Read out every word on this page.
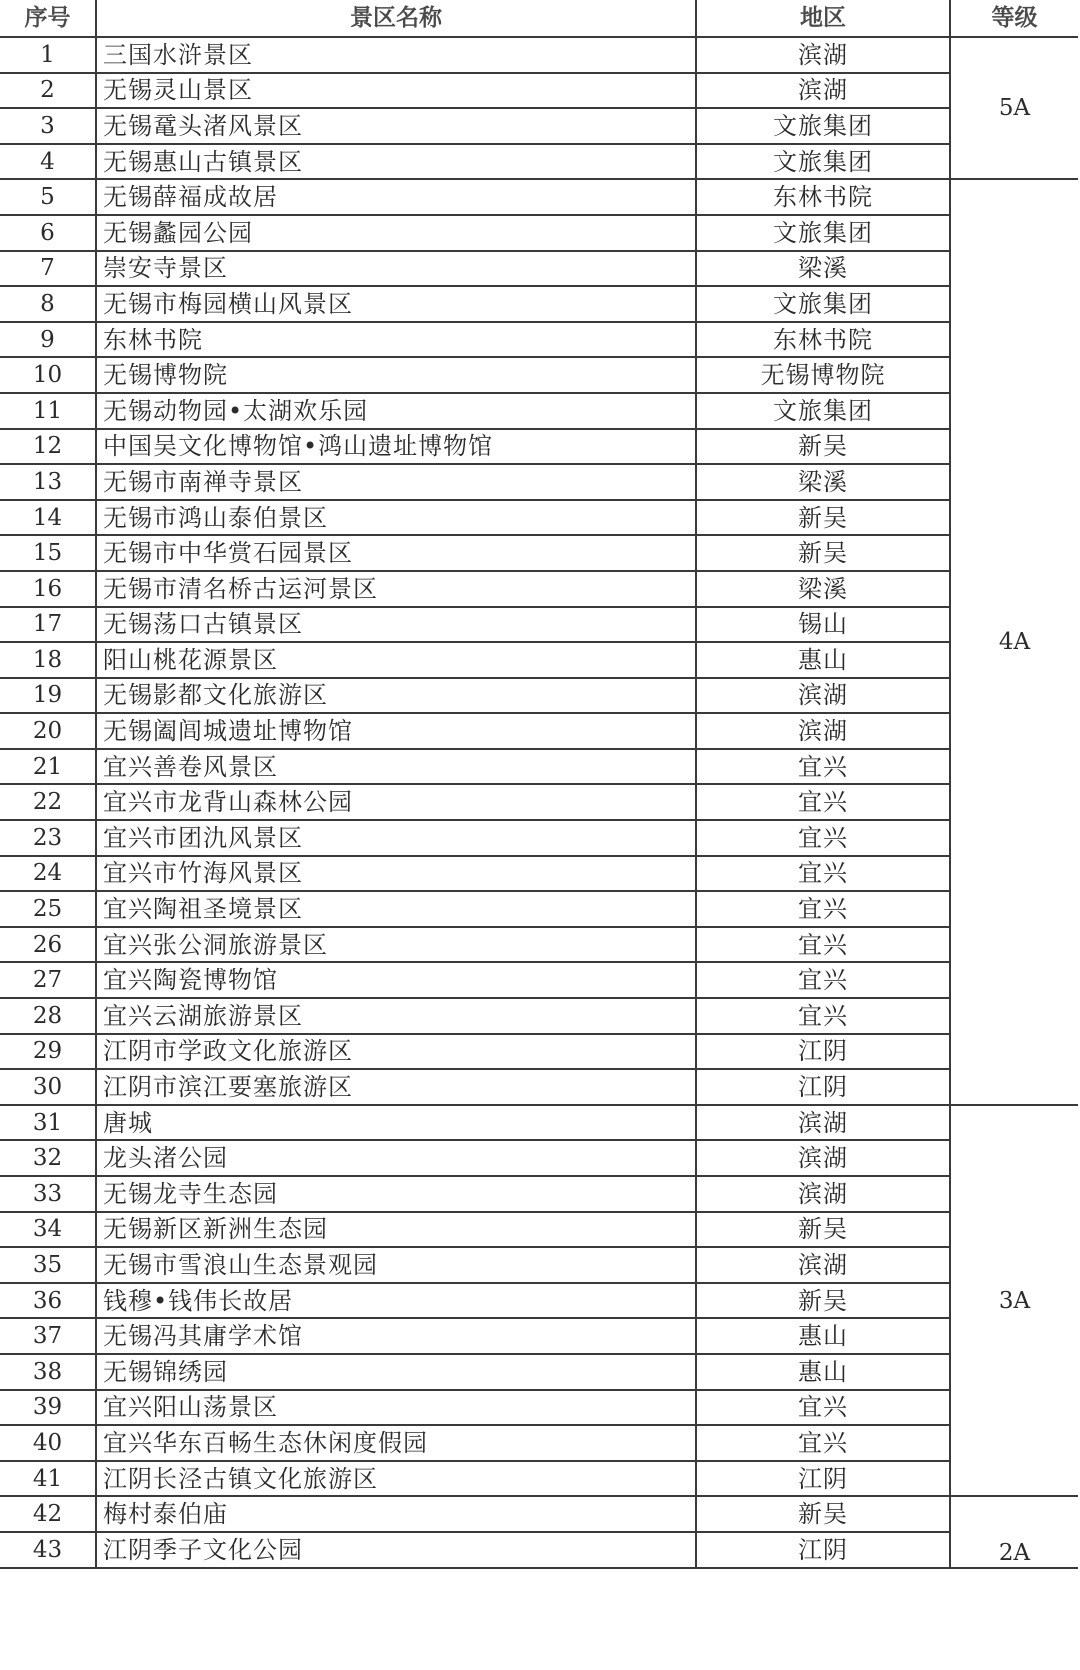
序号	景区名称	地区	等级
1	三国水浒景区	滨湖	5A
2	无锡灵山景区	滨湖	
3	无锡鼋头渚风景区	文旅集团	
4	无锡惠山古镇景区	文旅集团	
5	无锡薛福成故居	东林书院	4A
6	无锡蠡园公园	文旅集团	
7	崇安寺景区	梁溪	
8	无锡市梅园横山风景区	文旅集团	
9	东林书院	东林书院	
10	无锡博物院	无锡博物院	
11	无锡动物园•太湖欢乐园	文旅集团	
12	中国吴文化博物馆•鸿山遗址博物馆	新吴	
13	无锡市南禅寺景区	梁溪	
14	无锡市鸿山泰伯景区	新吴	
15	无锡市中华赏石园景区	新吴	
16	无锡市清名桥古运河景区	梁溪	
17	无锡荡口古镇景区	锡山	
18	阳山桃花源景区	惠山	
19	无锡影都文化旅游区	滨湖	
20	无锡阖闾城遗址博物馆	滨湖	
21	宜兴善卷风景区	宜兴	
22	宜兴市龙背山森林公园	宜兴	
23	宜兴市团氿风景区	宜兴	
24	宜兴市竹海风景区	宜兴	
25	宜兴陶祖圣境景区	宜兴	
26	宜兴张公洞旅游景区	宜兴	
27	宜兴陶瓷博物馆	宜兴	
28	宜兴云湖旅游景区	宜兴	
29	江阴市学政文化旅游区	江阴	
30	江阴市滨江要塞旅游区	江阴	
31	唐城	滨湖	3A
32	龙头渚公园	滨湖	
33	无锡龙寺生态园	滨湖	
34	无锡新区新洲生态园	新吴	
35	无锡市雪浪山生态景观园	滨湖	
36	钱穆•钱伟长故居	新吴	
37	无锡冯其庸学术馆	惠山	
38	无锡锦绣园	惠山	
39	宜兴阳山荡景区	宜兴	
40	宜兴华东百畅生态休闲度假园	宜兴	
41	江阴长泾古镇文化旅游区	江阴	
42	梅村泰伯庙	新吴	2A
43	江阴季子文化公园	江阴	
